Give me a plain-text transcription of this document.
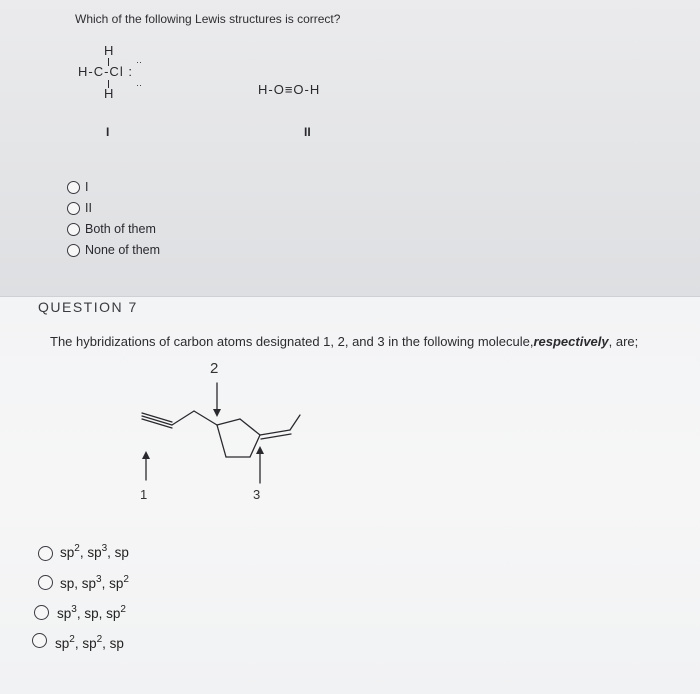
Which of the following Lewis structures is correct?
H
H-C-Cl :
··
··
H
I
H-O≡O-H
II
I
II
Both of them
None of them
QUESTION 7
The hybridizations of carbon atoms designated 1, 2, and 3 in the following molecule,respectively, are;
2
1	3
$sp^2$, $sp^3$, sp
sp, $sp^3$, $sp^2$
$sp^3$, sp, $sp^2$
$sp^2$, $sp^2$, sp
